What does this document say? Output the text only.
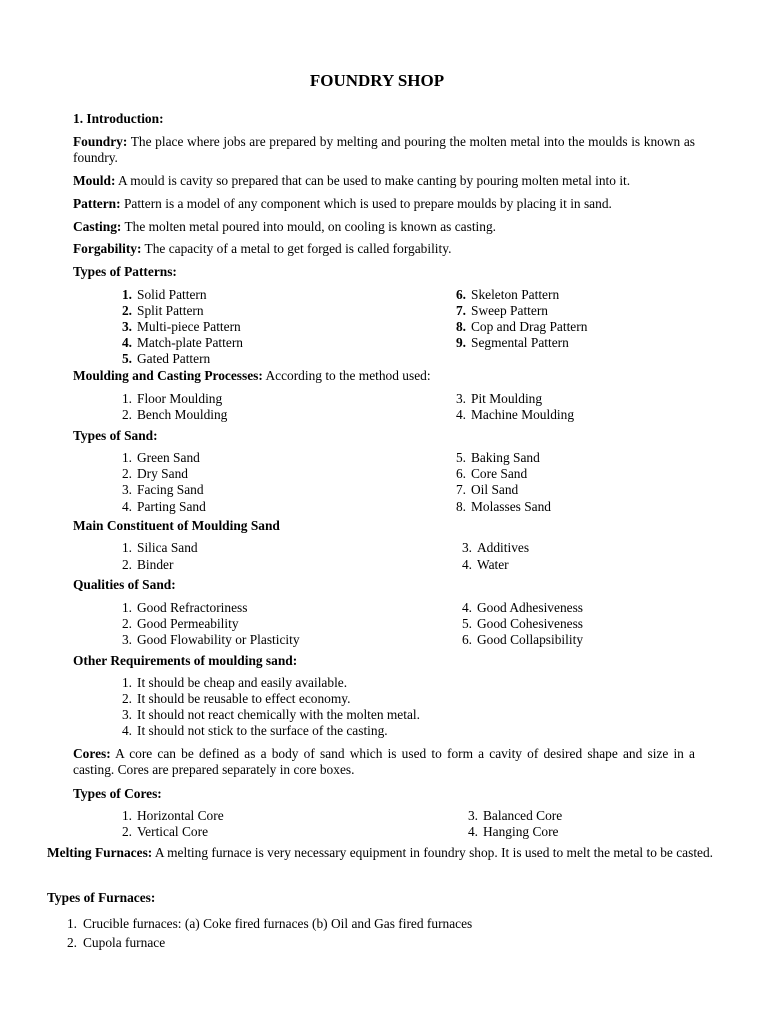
FOUNDRY SHOP
1. Introduction:
Foundry: The place where jobs are prepared by melting and pouring the molten metal into the moulds is known as foundry.
Mould: A mould is cavity so prepared that can be used to make canting by pouring molten metal into it.
Pattern: Pattern is a model of any component which is used to prepare moulds by placing it in sand.
Casting: The molten metal poured into mould, on cooling is known as casting.
Forgability: The capacity of a metal to get forged is called forgability.
Types of Patterns:
1. Solid Pattern
2. Split Pattern
3. Multi-piece Pattern
4. Match-plate Pattern
5. Gated Pattern
6. Skeleton Pattern
7. Sweep Pattern
8. Cop and Drag Pattern
9. Segmental Pattern
Moulding and Casting Processes: According to the method used:
1. Floor Moulding
2. Bench Moulding
3. Pit Moulding
4. Machine Moulding
Types of Sand:
1. Green Sand
2. Dry Sand
3. Facing Sand
4. Parting Sand
5. Baking Sand
6. Core Sand
7. Oil Sand
8. Molasses Sand
Main Constituent of Moulding Sand
1. Silica Sand
2. Binder
3. Additives
4. Water
Qualities of Sand:
1. Good Refractoriness
2. Good Permeability
3. Good Flowability or Plasticity
4. Good Adhesiveness
5. Good Cohesiveness
6. Good Collapsibility
Other Requirements of moulding sand:
1. It should be cheap and easily available.
2. It should be reusable to effect economy.
3. It should not react chemically with the molten metal.
4. It should not stick to the surface of the casting.
Cores: A core can be defined as a body of sand which is used to form a cavity of desired shape and size in a casting. Cores are prepared separately in core boxes.
Types of Cores:
1. Horizontal Core
2. Vertical Core
3. Balanced Core
4. Hanging Core
Melting Furnaces: A melting furnace is very necessary equipment in foundry shop. It is used to melt the metal to be casted.
Types of Furnaces:
1. Crucible furnaces: (a) Coke fired furnaces (b) Oil and Gas fired furnaces
2. Cupola furnace
